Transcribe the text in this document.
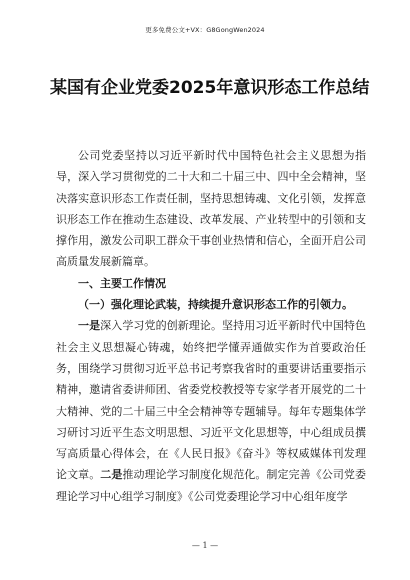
更多免费公文+VX：G8GongWen2024
某国有企业党委2025年意识形态工作总结

公司党委坚持以习近平新时代中国特色社会主义思想为指导，深入学习贯彻党的二十大和二十届三中、四中全会精神，坚决落实意识形态工作责任制，坚持思想铸魂、文化引领，发挥意识形态工作在推动生态建设、改革发展、产业转型中的引领和支撑作用，激发公司职工群众干事创业热情和信心，全面开启公司高质量发展新篇章。

一、主要工作情况

（一）强化理论武装，持续提升意识形态工作的引领力。

一是深入学习党的创新理论。坚持用习近平新时代中国特色社会主义思想凝心铸魂，始终把学懂弄通做实作为首要政治任务，围绕学习贯彻习近平总书记考察我省时的重要讲话重要指示精神，邀请省委讲师团、省委党校教授等专家学者开展党的二十大精神、党的二十届三中全会精神等专题辅导。每年专题集体学习研讨习近平生态文明思想、习近平文化思想等，中心组成员撰写高质量心得体会，在《人民日报》《奋斗》等权威媒体刊发理论文章。二是推动理论学习制度化规范化。制定完善《公司党委理论学习中心组学习制度》《公司党委理论学习中心组年度学

— 1 —
